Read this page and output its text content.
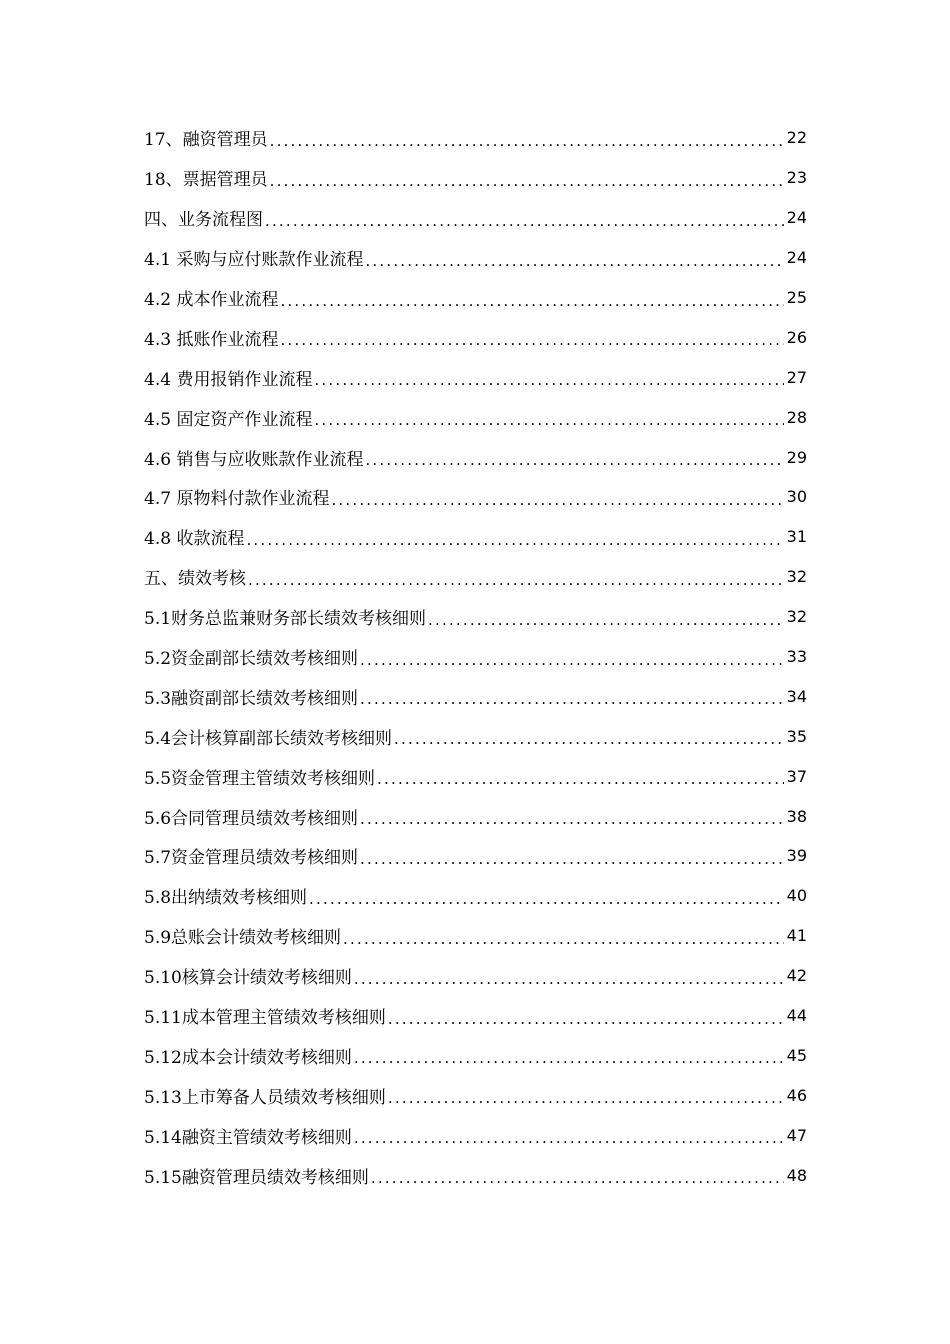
17、融资管理员 .....	22
18、票据管理员 .....	23
四、业务流程图 .....	24
4.1 采购与应付账款作业流程 .....	24
4.2 成本作业流程 .....	25
4.3 抵账作业流程 .....	26
4.4 费用报销作业流程 .....	27
4.5 固定资产作业流程 .....	28
4.6 销售与应收账款作业流程 .....	29
4.7 原物料付款作业流程 .....	30
4.8 收款流程 .....	31
五、绩效考核 .....	32
5.1财务总监兼财务部长绩效考核细则 .....	32
5.2资金副部长绩效考核细则 .....	33
5.3融资副部长绩效考核细则 .....	34
5.4会计核算副部长绩效考核细则 .....	35
5.5资金管理主管绩效考核细则 .....	37
5.6合同管理员绩效考核细则 .....	38
5.7资金管理员绩效考核细则 .....	39
5.8出纳绩效考核细则 .....	40
5.9总账会计绩效考核细则 .....	41
5.10核算会计绩效考核细则 .....	42
5.11成本管理主管绩效考核细则 .....	44
5.12成本会计绩效考核细则 .....	45
5.13上市筹备人员绩效考核细则 .....	46
5.14融资主管绩效考核细则 .....	47
5.15融资管理员绩效考核细则 .....	48
